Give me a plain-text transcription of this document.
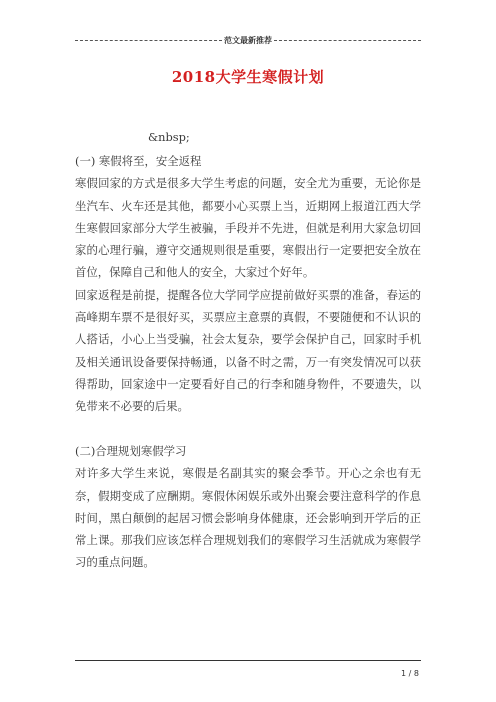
范文最新推荐
2018大学生寒假计划
&nbsp;

(一) 寒假将至，安全返程

寒假回家的方式是很多大学生考虑的问题，安全尤为重要，无论你是坐汽车、火车还是其他，都要小心买票上当，近期网上报道江西大学生寒假回家部分大学生被骗，手段并不先进，但就是利用大家急切回家的心理行骗，遵守交通规则很是重要，寒假出行一定要把安全放在首位，保障自己和他人的安全，大家过个好年。

回家返程是前提，提醒各位大学同学应提前做好买票的准备，春运的高峰期车票不是很好买，买票应主意票的真假，不要随便和不认识的人搭话，小心上当受骗，社会太复杂，要学会保护自己，回家时手机及相关通讯设备要保持畅通，以备不时之需，万一有突发情况可以获得帮助，回家途中一定要看好自己的行李和随身物件，不要遗失，以免带来不必要的后果。

(二)合理规划寒假学习

对许多大学生来说，寒假是名副其实的聚会季节。开心之余也有无奈，假期变成了应酬期。寒假休闲娱乐或外出聚会要注意科学的作息时间，黑白颠倒的起居习惯会影响身体健康，还会影响到开学后的正常上课。那我们应该怎样合理规划我们的寒假学习生活就成为寒假学习的重点问题。

1 / 8
